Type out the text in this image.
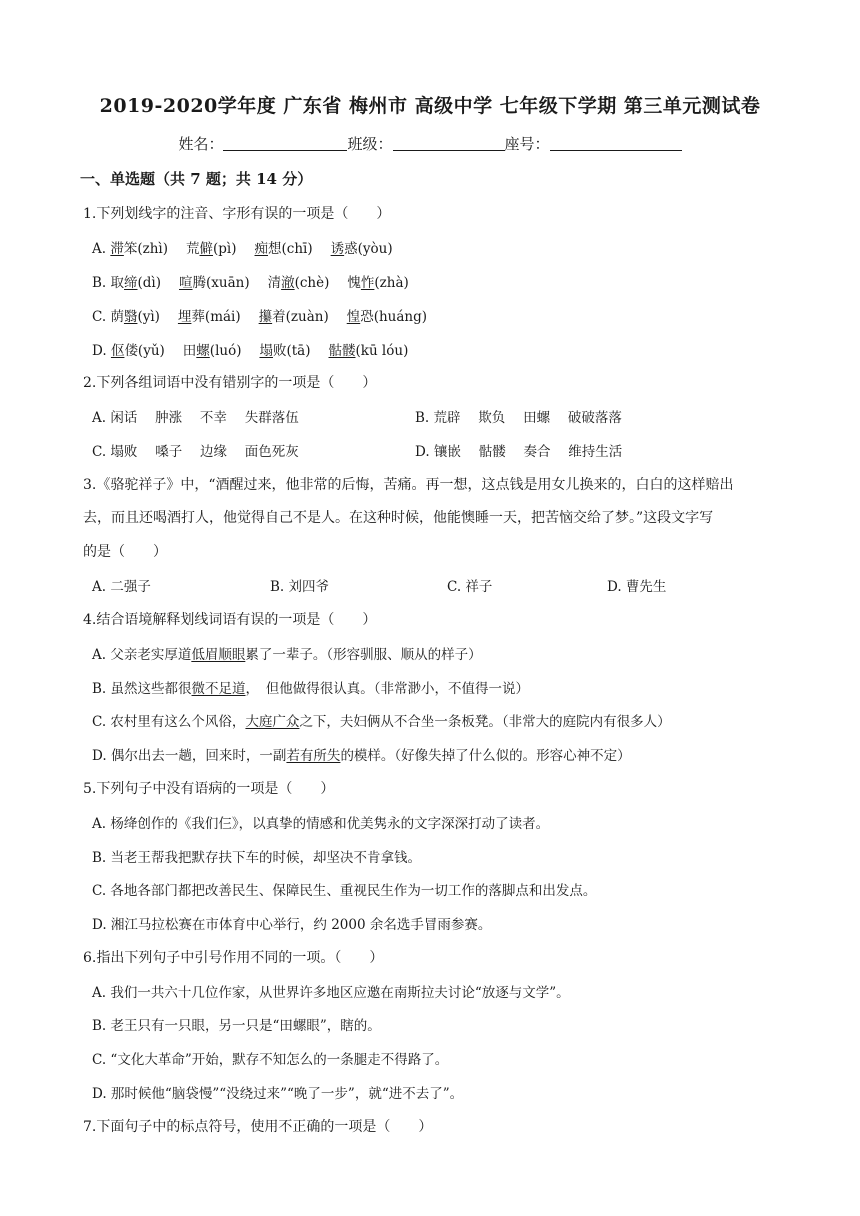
2019-2020学年度 广东省 梅州市 高级中学 七年级下学期 第三单元测试卷
姓名：	班级：	座号：
一、单选题（共 7 题；共 14 分）
1.下列划线字的注音、字形有误的一项是（　　）
A. 滞笨(zhì) 荒僻(pì) 痴想(chī) 诱惑(yòu)
B. 取缔(dì) 喧腾(xuān) 清澈(chè) 愧怍(zhà)
C. 荫翳(yì) 埋葬(mái) 攥着(zuàn) 惶恐(huáng)
D. 伛偻(yǔ) 田螺(luó) 塌败(tā) 骷髅(kū lóu)
2.下列各组词语中没有错别字的一项是（　　）
A. 闲话　 肿涨　 不幸　 失群落伍	B. 荒辟　 欺负　 田螺　 破破落落
C. 塌败　 嗓子　 边缘　 面色死灰	D. 镶嵌　 骷髅　 奏合　 维持生活
3.《骆驼祥子》中，“酒醒过来，他非常的后悔，苦痛。再一想，这点钱是用女儿换来的，白白的这样赔出
去，而且还喝酒打人，他觉得自己不是人。在这种时候，他能懊睡一天，把苦恼交给了梦。”这段文字写
的是（　　）
A. 二强子	B. 刘四爷	C. 祥子	D. 曹先生
4.结合语境解释划线词语有误的一项是（　　）
A. 父亲老实厚道低眉顺眼累了一辈子。（形容驯服、顺从的样子）
B. 虽然这些都很微不足道，　但他做得很认真。（非常渺小，不值得一说）
C. 农村里有这么个风俗，大庭广众之下，夫妇俩从不合坐一条板凳。（非常大的庭院内有很多人）
D. 偶尔出去一趟，回来时，一副若有所失的模样。（好像失掉了什么似的。形容心神不定）
5.下列句子中没有语病的一项是（　　）
A. 杨绛创作的《我们仨》，以真挚的情感和优美隽永的文字深深打动了读者。
B. 当老王帮我把默存扶下车的时候，却坚决不肯拿钱。
C. 各地各部门都把改善民生、保障民生、重视民生作为一切工作的落脚点和出发点。
D. 湘江马拉松赛在市体育中心举行，约 2000 余名选手冒雨参赛。
6.指出下列句子中引号作用不同的一项。（　　）
A. 我们一共六十几位作家，从世界许多地区应邀在南斯拉夫讨论“放逐与文学”。
B. 老王只有一只眼，另一只是“田螺眼”，瞎的。
C. “文化大革命”开始，默存不知怎么的一条腿走不得路了。
D. 那时候他“脑袋慢”“没绕过来”“晚了一步”，就“进不去了”。
7.下面句子中的标点符号，使用不正确的一项是（　　）
